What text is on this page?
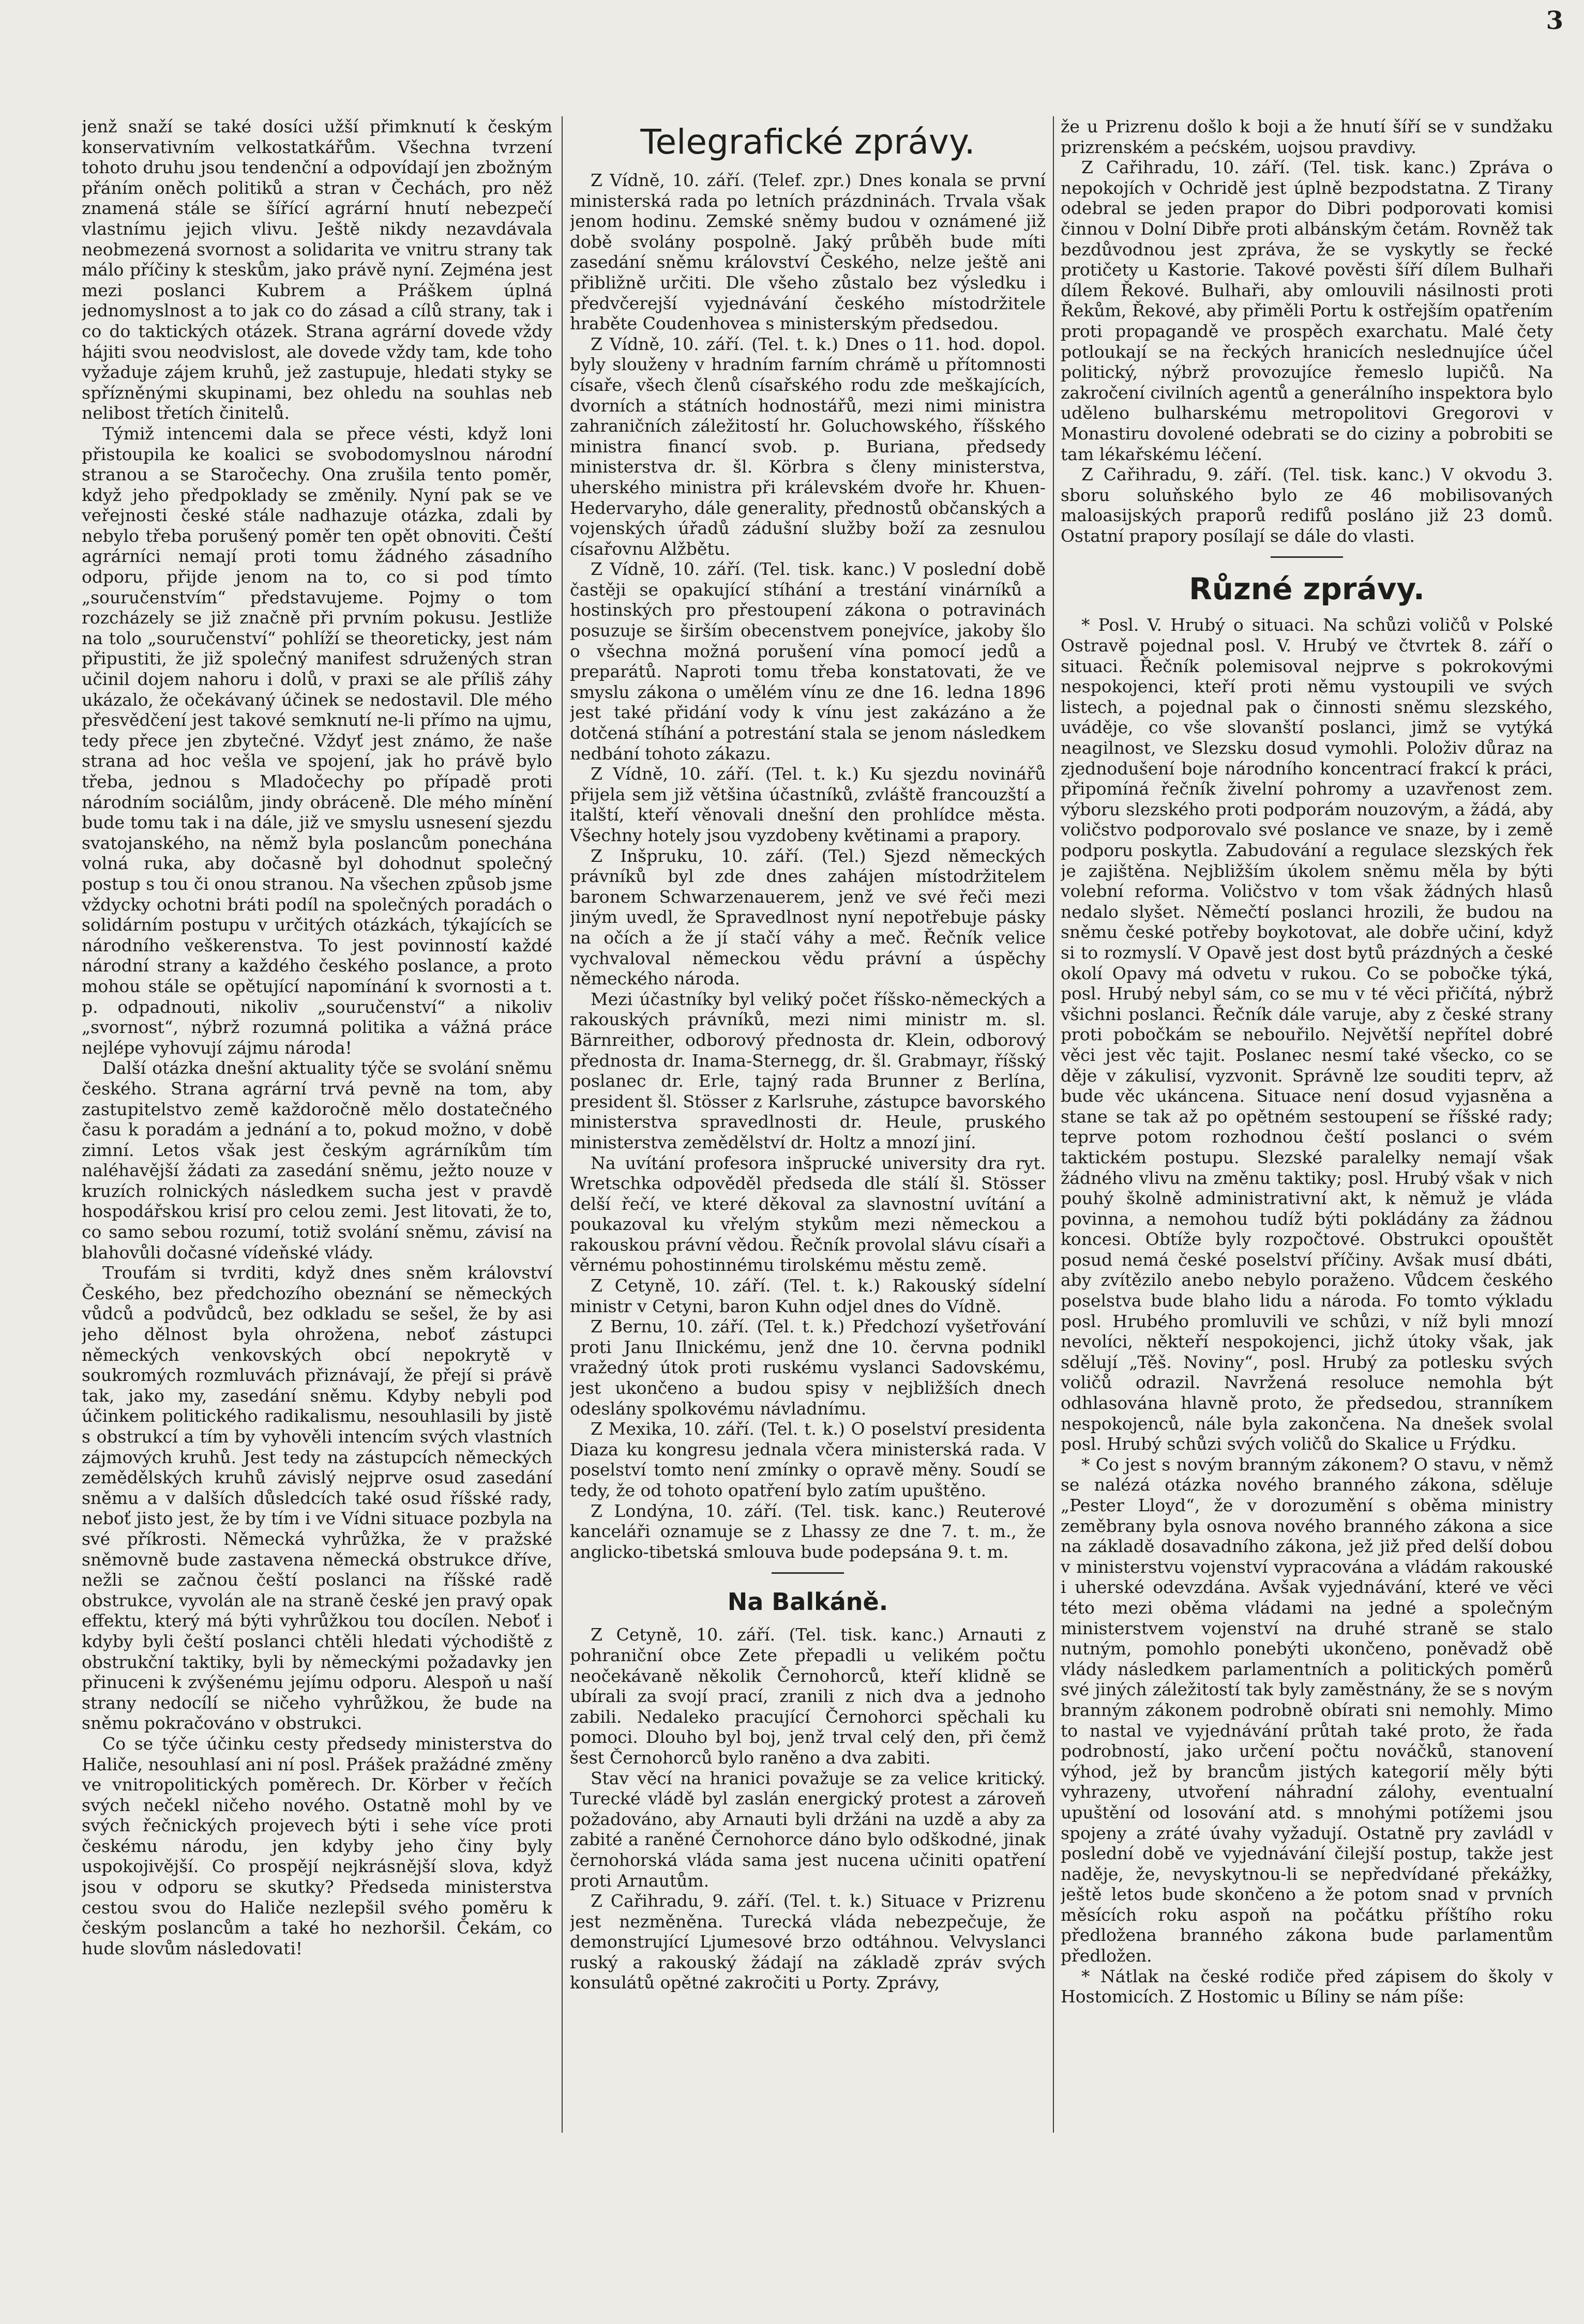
3

jenž snaží se také dosíci užší přimknutí k českým konservativním velkostatkářům. Všechna tvrzení tohoto druhu jsou tendenční a odpovídají jen zbožným přáním oněch politiků a stran v Čechách, pro něž znamená stále se šířící agrární hnutí nebezpečí vlastnímu jejich vlivu. Ještě nikdy nezavdávala neobmezená svornost a solidarita ve vnitru strany tak málo příčiny k steskům, jako právě nyní. Zejména jest mezi poslanci Kubrem a Práškem úplná jednomyslnost a to jak co do zásad a cílů strany, tak i co do taktických otázek. Strana agrární dovede vždy hájiti svou neodvislost, ale dovede vždy tam, kde toho vyžaduje zájem kruhů, jež zastupuje, hledati styky se spřízněnými skupinami, bez ohledu na souhlas neb nelibost třetích činitelů.

Týmiž intencemi dala se přece vésti, když loni přistoupila ke koalici se svobodomyslnou národní stranou a se Staročechy. Ona zrušila tento poměr, když jeho předpoklady se změnily. Nyní pak se ve veřejnosti české stále nadhazuje otázka, zdali by nebylo třeba porušený poměr ten opět obnoviti. Čeští agrárníci nemají proti tomu žádného zásadního odporu, přijde jenom na to, co si pod tímto „souručenstvím“ představujeme. Pojmy o tom rozcházely se již značně při prvním pokusu. Jestliže na tolo „souručenství“ pohlíží se theoreticky, jest nám připustiti, že již společný manifest sdružených stran učinil dojem nahoru i dolů, v praxi se ale příliš záhy ukázalo, že očekávaný účinek se nedostavil. Dle mého přesvědčení jest takové semknutí ne-li přímo na ujmu, tedy přece jen zbytečné. Vždyť jest známo, že naše strana ad hoc vešla ve spojení, jak ho právě bylo třeba, jednou s Mladočechy po případě proti národním sociálům, jindy obráceně. Dle mého mínění bude tomu tak i na dále, již ve smyslu usnesení sjezdu svatojanského, na němž byla poslancům ponechána volná ruka, aby dočasně byl dohodnut společný postup s tou či onou stranou. Na všechen způsob jsme vždycky ochotni bráti podíl na společných poradách o solidárním postupu v určitých otázkách, týkajících se národního veškerenstva. To jest povinností každé národní strany a každého českého poslance, a proto mohou stále se opětující napomínání k svornosti a t. p. odpadnouti, nikoliv „souručenství“ a nikoliv „svornost“, nýbrž rozumná politika a vážná práce nejlépe vyhovují zájmu národa!

Další otázka dnešní aktuality týče se svolání sněmu českého. Strana agrární trvá pevně na tom, aby zastupitelstvo země každoročně mělo dostatečného času k poradám a jednání a to, pokud možno, v době zimní. Letos však jest českým agrárníkům tím naléhavější žádati za zasedání sněmu, ježto nouze v kruzích rolnických následkem sucha jest v pravdě hospodářskou krisí pro celou zemi. Jest litovati, že to, co samo sebou rozumí, totiž svolání sněmu, závisí na blahovůli dočasné vídeňské vlády.

Troufám si tvrditi, když dnes sněm království Českého, bez předchozího obeznání se německých vůdců a podvůdců, bez odkladu se sešel, že by asi jeho dělnost byla ohrožena, neboť zástupci německých venkovských obcí nepokrytě v soukromých rozmluvách přiznávají, že přejí si právě tak, jako my, zasedání sněmu. Kdyby nebyli pod účinkem politického radikalismu, nesouhlasili by jistě s obstrukcí a tím by vyhověli intencím svých vlastních zájmových kruhů. Jest tedy na zástupcích německých zemědělských kruhů závislý nejprve osud zasedání sněmu a v dalších důsledcích také osud říšské rady, neboť jisto jest, že by tím i ve Vídni situace pozbyla na své příkrosti. Německá vyhrůžka, že v pražské sněmovně bude zastavena německá obstrukce dříve, nežli se začnou čeští poslanci na říšské radě obstrukce, vyvolán ale na straně české jen pravý opak effektu, který má býti vyhrůžkou tou docílen. Neboť i kdyby byli čeští poslanci chtěli hledati východiště z obstrukční taktiky, byli by německými požadavky jen přinuceni k zvýšenému jejímu odporu. Alespoň u naší strany nedocílí se ničeho vyhrůžkou, že bude na sněmu pokračováno v obstrukci.

Co se týče účinku cesty předsedy ministerstva do Haliče, nesouhlasí ani ní posl. Prášek pražádné změny ve vnitropolitických poměrech. Dr. Körber v řečích svých nečekl ničeho nového. Ostatně mohl by ve svých řečnických projevech býti i sehe více proti českému národu, jen kdyby jeho činy byly uspokojivější. Co prospějí nejkrásnější slova, když jsou v odporu se skutky? Předseda ministerstva cestou svou do Haliče nezlepšil svého poměru k českým poslancům a také ho nezhoršil. Čekám, co hude slovům následovati!

Telegrafické zprávy.

Z Vídně, 10. září. (Telef. zpr.) Dnes konala se první ministerská rada po letních prázdninách. Trvala však jenom hodinu. Zemské sněmy budou v oznámené již době svolány pospolně. Jaký průběh bude míti zasedání sněmu království Českého, nelze ještě ani přibližně určiti. Dle všeho zůstalo bez výsledku i předvčerejší vyjednávání českého místodržitele hraběte Coudenhovea s ministerským předsedou.

Z Vídně, 10. září. (Tel. t. k.) Dnes o 11. hod. dopol. byly slouženy v hradním farním chrámě u přítomnosti císaře, všech členů císařského rodu zde meškajících, dvorních a státních hodnostářů, mezi nimi ministra zahraničních záležitostí hr. Goluchowského, říšského ministra financí svob. p. Buriana, předsedy ministerstva dr. šl. Körbra s členy ministerstva, uherského ministra při králevském dvoře hr. Khuen-Hedervaryho, dále generality, přednostů občanských a vojenských úřadů zádušní služby boží za zesnulou císařovnu Alžbětu.

Z Vídně, 10. září. (Tel. tisk. kanc.) V poslední době častěji se opakující stíhání a trestání vinárníků a hostinských pro přestoupení zákona o potravinách posuzuje se širším obecenstvem ponejvíce, jakoby šlo o všechna možná porušení vína pomocí jedů a preparátů. Naproti tomu třeba konstatovati, že ve smyslu zákona o umělém vínu ze dne 16. ledna 1896 jest také přidání vody k vínu jest zakázáno a že dotčená stíhání a potrestání stala se jenom následkem nedbání tohoto zákazu.

Z Vídně, 10. září. (Tel. t. k.) Ku sjezdu novinářů přijela sem již většina účastníků, zvláště francouzští a italští, kteří věnovali dnešní den prohlídce města. Všechny hotely jsou vyzdobeny květinami a prapory.

Z Inšpruku, 10. září. (Tel.) Sjezd německých právníků byl zde dnes zahájen místodržitelem baronem Schwarzenauerem, jenž ve své řeči mezi jiným uvedl, že Spravedlnost nyní nepotřebuje pásky na očích a že jí stačí váhy a meč. Řečník velice vychvaloval německou vědu právní a úspěchy německého národa.

Mezi účastníky byl veliký počet říšsko-německých a rakouských právníků, mezi nimi ministr m. sl. Bärnreither, odborový přednosta dr. Klein, odborový přednosta dr. Inama-Sternegg, dr. šl. Grabmayr, říšský poslanec dr. Erle, tajný rada Brunner z Berlína, president šl. Stösser z Karlsruhe, zástupce bavorského ministerstva spravedlnosti dr. Heule, pruského ministerstva zemědělství dr. Holtz a mnozí jiní.

Na uvítání profesora inšprucké university dra ryt. Wretschka odpověděl předseda dle stálí šl. Stösser delší řečí, ve které děkoval za slavnostní uvítání a poukazoval ku vřelým stykům mezi německou a rakouskou právní vědou. Řečník provolal slávu císaři a věrnému pohostinnému tirolskému městu země.

Z Cetyně, 10. září. (Tel. t. k.) Rakouský sídelní ministr v Cetyni, baron Kuhn odjel dnes do Vídně.

Z Bernu, 10. září. (Tel. t. k.) Předchozí vyšetřování proti Janu Ilnickému, jenž dne 10. června podnikl vražedný útok proti ruskému vyslanci Sadovskému, jest ukončeno a budou spisy v nejbližších dnech odeslány spolkovému návladnímu.

Z Mexika, 10. září. (Tel. t. k.) O poselství presidenta Diaza ku kongresu jednala včera ministerská rada. V poselství tomto není zmínky o opravě měny. Soudí se tedy, že od tohoto opatření bylo zatím upuštěno.

Z Londýna, 10. září. (Tel. tisk. kanc.) Reuterové kanceláři oznamuje se z Lhassy ze dne 7. t. m., že anglicko-tibetská smlouva bude podepsána 9. t. m.

Na Balkáně.

Z Cetyně, 10. září. (Tel. tisk. kanc.) Arnauti z pohraniční obce Zete přepadli u velikém počtu neočekávaně několik Černohorců, kteří klidně se ubírali za svojí prací, zranili z nich dva a jednoho zabili. Nedaleko pracující Černohorci spěchali ku pomoci. Dlouho byl boj, jenž trval celý den, při čemž šest Černohorců bylo raněno a dva zabiti.

Stav věcí na hranici považuje se za velice kritický. Turecké vládě byl zaslán energický protest a zároveň požadováno, aby Arnauti byli držáni na uzdě a aby za zabité a raněné Černohorce dáno bylo odškodné, jinak černohorská vláda sama jest nucena učiniti opatření proti Arnautům.

Z Cařihradu, 9. září. (Tel. t. k.) Situace v Prizrenu jest nezměněna. Turecká vláda nebezpečuje, že demonstrující Ljumesové brzo odtáhnou. Velvyslanci ruský a rakouský žádají na základě zpráv svých konsulátů opětné zakročiti u Porty. Zprávy,

že u Prizrenu došlo k boji a že hnutí šíří se v sundžaku prizrenském a pećském, uojsou pravdivy.

Z Cařihradu, 10. září. (Tel. tisk. kanc.) Zpráva o nepokojích v Ochridě jest úplně bezpodstatna. Z Tirany odebral se jeden prapor do Dibri podporovati komisi činnou v Dolní Dibře proti albánským četám. Rovněž tak bezdůvodnou jest zpráva, že se vyskytly se řecké protičety u Kastorie. Takové pověsti šíří dílem Bulhaři dílem Řekové. Bulhaři, aby omlouvili násilnosti proti Řekům, Řekové, aby přiměli Portu k ostřejším opatřením proti propagandě ve prospěch exarchatu. Malé čety potloukají se na řeckých hranicích neslednujíce účel politický, nýbrž provozujíce řemeslo lupičů. Na zakročení civilních agentů a generálního inspektora bylo uděleno bulharskému metropolitovi Gregorovi v Monastiru dovolené odebrati se do ciziny a pobrobiti se tam lékařskému léčení.

Z Cařihradu, 9. září. (Tel. tisk. kanc.) V okvodu 3. sboru soluňského bylo ze 46 mobilisovaných maloasijských praporů redifů posláno již 23 domů. Ostatní prapory posílají se dále do vlasti.

Různé zprávy.

* Posl. V. Hrubý o situaci. Na schůzi voličů v Polské Ostravě pojednal posl. V. Hrubý ve čtvrtek 8. září o situaci. Řečník polemisoval nejprve s pokrokovými nespokojenci, kteří proti němu vystoupili ve svých listech, a pojednal pak o činnosti sněmu slezského, uváděje, co vše slovanští poslanci, jimž se vytýká neagilnost, ve Slezsku dosud vymohli. Položiv důraz na zjednodušení boje národního koncentrací frakcí k práci, připomíná řečník živelní pohromy a uzavřenost zem. výboru slezského proti podporám nouzovým, a žádá, aby voličstvo podporovalo své poslance ve snaze, by i země podporu poskytla. Zabudování a regulace slezských řek je zajištěna. Nejbližším úkolem sněmu měla by býti volební reforma. Voličstvo v tom však žádných hlasů nedalo slyšet. Němečtí poslanci hrozili, že budou na sněmu české potřeby boykotovat, ale dobře učiní, když si to rozmyslí. V Opavě jest dost bytů prázdných a české okolí Opavy má odvetu v rukou. Co se pobočke týká, posl. Hrubý nebyl sám, co se mu v té věci přičítá, nýbrž všichni poslanci. Řečník dále varuje, aby z české strany proti pobočkám se nebouřilo. Největší nepřítel dobré věci jest věc tajit. Poslanec nesmí také všecko, co se děje v zákulisí, vyzvonit. Správně lze souditi teprv, až bude věc ukáncena. Situace není dosud vyjasněna a stane se tak až po opětném sestoupení se říšské rady; teprve potom rozhodnou čeští poslanci o svém taktickém postupu. Slezské paralelky nemají však žádného vlivu na změnu taktiky; posl. Hrubý však v nich pouhý školně administrativní akt, k němuž je vláda povinna, a nemohou tudíž býti pokládány za žádnou koncesi. Obtíže byly rozpočtové. Obstrukci opouštět posud nemá české poselství příčiny. Avšak musí dbáti, aby zvítězilo anebo nebylo poraženo. Vůdcem českého poselstva bude blaho lidu a národa. Fo tomto výkladu posl. Hrubého promluvili ve schůzi, v níž byli mnozí nevolíci, někteří nespokojenci, jichž útoky však, jak sdělují „Těš. Noviny“, posl. Hrubý za potlesku svých voličů odrazil. Navržená resoluce nemohla být odhlasována hlavně proto, že předsedou, stranníkem nespokojenců, nále byla zakončena. Na dnešek svolal posl. Hrubý schůzi svých voličů do Skalice u Frýdku.

* Co jest s novým branným zákonem? O stavu, v němž se nalézá otázka nového branného zákona, sděluje „Pester Lloyd“, že v dorozumění s oběma ministry zeměbrany byla osnova nového branného zákona a sice na základě dosavadního zákona, jež již před delší dobou v ministerstvu vojenství vypracována a vládám rakouské i uherské odevzdána. Avšak vyjednávání, které ve věci této mezi oběma vládami na jedné a společným ministerstvem vojenství na druhé straně se stalo nutným, pomohlo ponebýti ukončeno, poněvadž obě vlády následkem parlamentních a politických poměrů své jiných záležitostí tak byly zaměstnány, že se s novým branným zákonem podrobně obírati sni nemohly. Mimo to nastal ve vyjednávání průtah také proto, že řada podrobností, jako určení počtu nováčků, stanovení výhod, jež by brancům jistých kategorií měly býti vyhrazeny, utvoření náhradní zálohy, eventualní upuštění od losování atd. s mnohými potížemi jsou spojeny a zráté úvahy vyžadují. Ostatně pry zavládl v poslední době ve vyjednávání čilejší postup, takže jest naděje, že, nevyskytnou-li se nepředvídané překážky, ještě letos bude skončeno a že potom snad v prvních měsících roku aspoň na počátku příštího roku předložena branného zákona bude parlamentům předložen.

* Nátlak na české rodiče před zápisem do školy v Hostomicích. Z Hostomic u Bíliny se nám píše:
